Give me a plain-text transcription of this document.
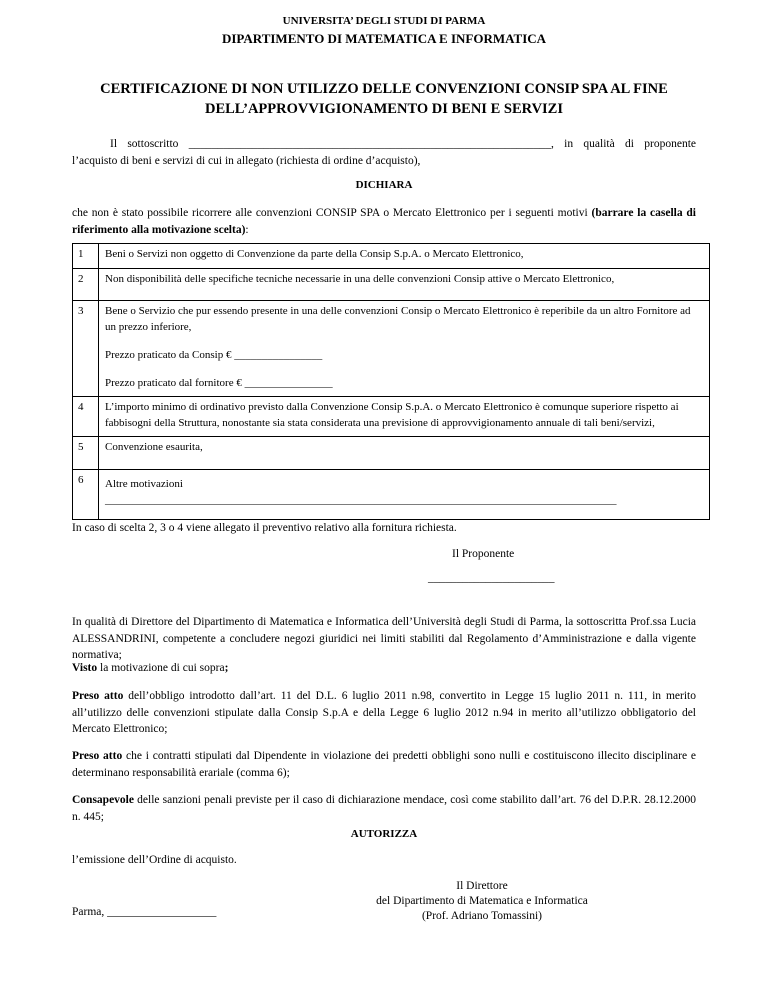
UNIVERSITA’ DEGLI STUDI DI PARMA
DIPARTIMENTO DI MATEMATICA E INFORMATICA
CERTIFICAZIONE DI NON UTILIZZO DELLE CONVENZIONI CONSIP SPA AL FINE
DELL’APPROVVIGIONAMENTO DI BENI E SERVIZI
Il sottoscritto _______________________________________________________________, in qualità di proponente l’acquisto di beni e servizi di cui in allegato (richiesta di ordine d’acquisto),
DICHIARA
che non è stato possibile ricorrere alle convenzioni CONSIP SPA o Mercato Elettronico per i seguenti motivi (barrare la casella di riferimento alla motivazione scelta):
1	Beni o Servizi non oggetto di Convenzione da parte della Consip S.p.A. o Mercato Elettronico,
2	Non disponibilità delle specifiche tecniche necessarie in una delle convenzioni Consip attive o Mercato Elettronico,
3	Bene o Servizio che pur essendo presente in una delle convenzioni Consip o Mercato Elettronico è reperibile da un altro Fornitore ad un prezzo inferiore,
Prezzo praticato da Consip € ________________
Prezzo praticato dal fornitore € ________________

4	L’importo minimo di ordinativo previsto dalla Convenzione Consip S.p.A. o Mercato Elettronico è comunque superiore rispetto ai fabbisogni della Struttura, nonostante sia stata considerata una previsione di approvvigionamento annuale di tali beni/servizi,
5	Convenzione esaurita,
6	Altre motivazioni
_____________________________________________________________________________________________
In caso di scelta 2, 3 o 4 viene allegato il preventivo relativo alla fornitura richiesta.
Il Proponente
______________________
In qualità di Direttore del Dipartimento di Matematica e Informatica dell’Università degli Studi di Parma, la sottoscritta Prof.ssa Lucia ALESSANDRINI, competente a concludere negozi giuridici nei limiti stabiliti dal Regolamento d’Amministrazione e dalla vigente normativa;
Visto la motivazione di cui sopra;
Preso atto dell’obbligo introdotto dall’art. 11 del D.L. 6 luglio 2011 n.98, convertito in Legge 15 luglio 2011 n. 111, in merito all’utilizzo delle convenzioni stipulate dalla Consip S.p.A e della Legge 6 luglio 2012 n.94 in merito all’utilizzo obbligatorio del Mercato Elettronico;
Preso atto che i contratti stipulati dal Dipendente in violazione dei predetti obblighi sono nulli e costituiscono illecito disciplinare e determinano responsabilità erariale (comma 6);
Consapevole delle sanzioni penali previste per il caso di dichiarazione mendace, così come stabilito dall’art. 76 del D.P.R. 28.12.2000 n. 445;
AUTORIZZA
l’emissione dell’Ordine di acquisto.
Parma, ___________________
Il Direttore
del Dipartimento di Matematica e Informatica
(Prof. Adriano Tomassini)
